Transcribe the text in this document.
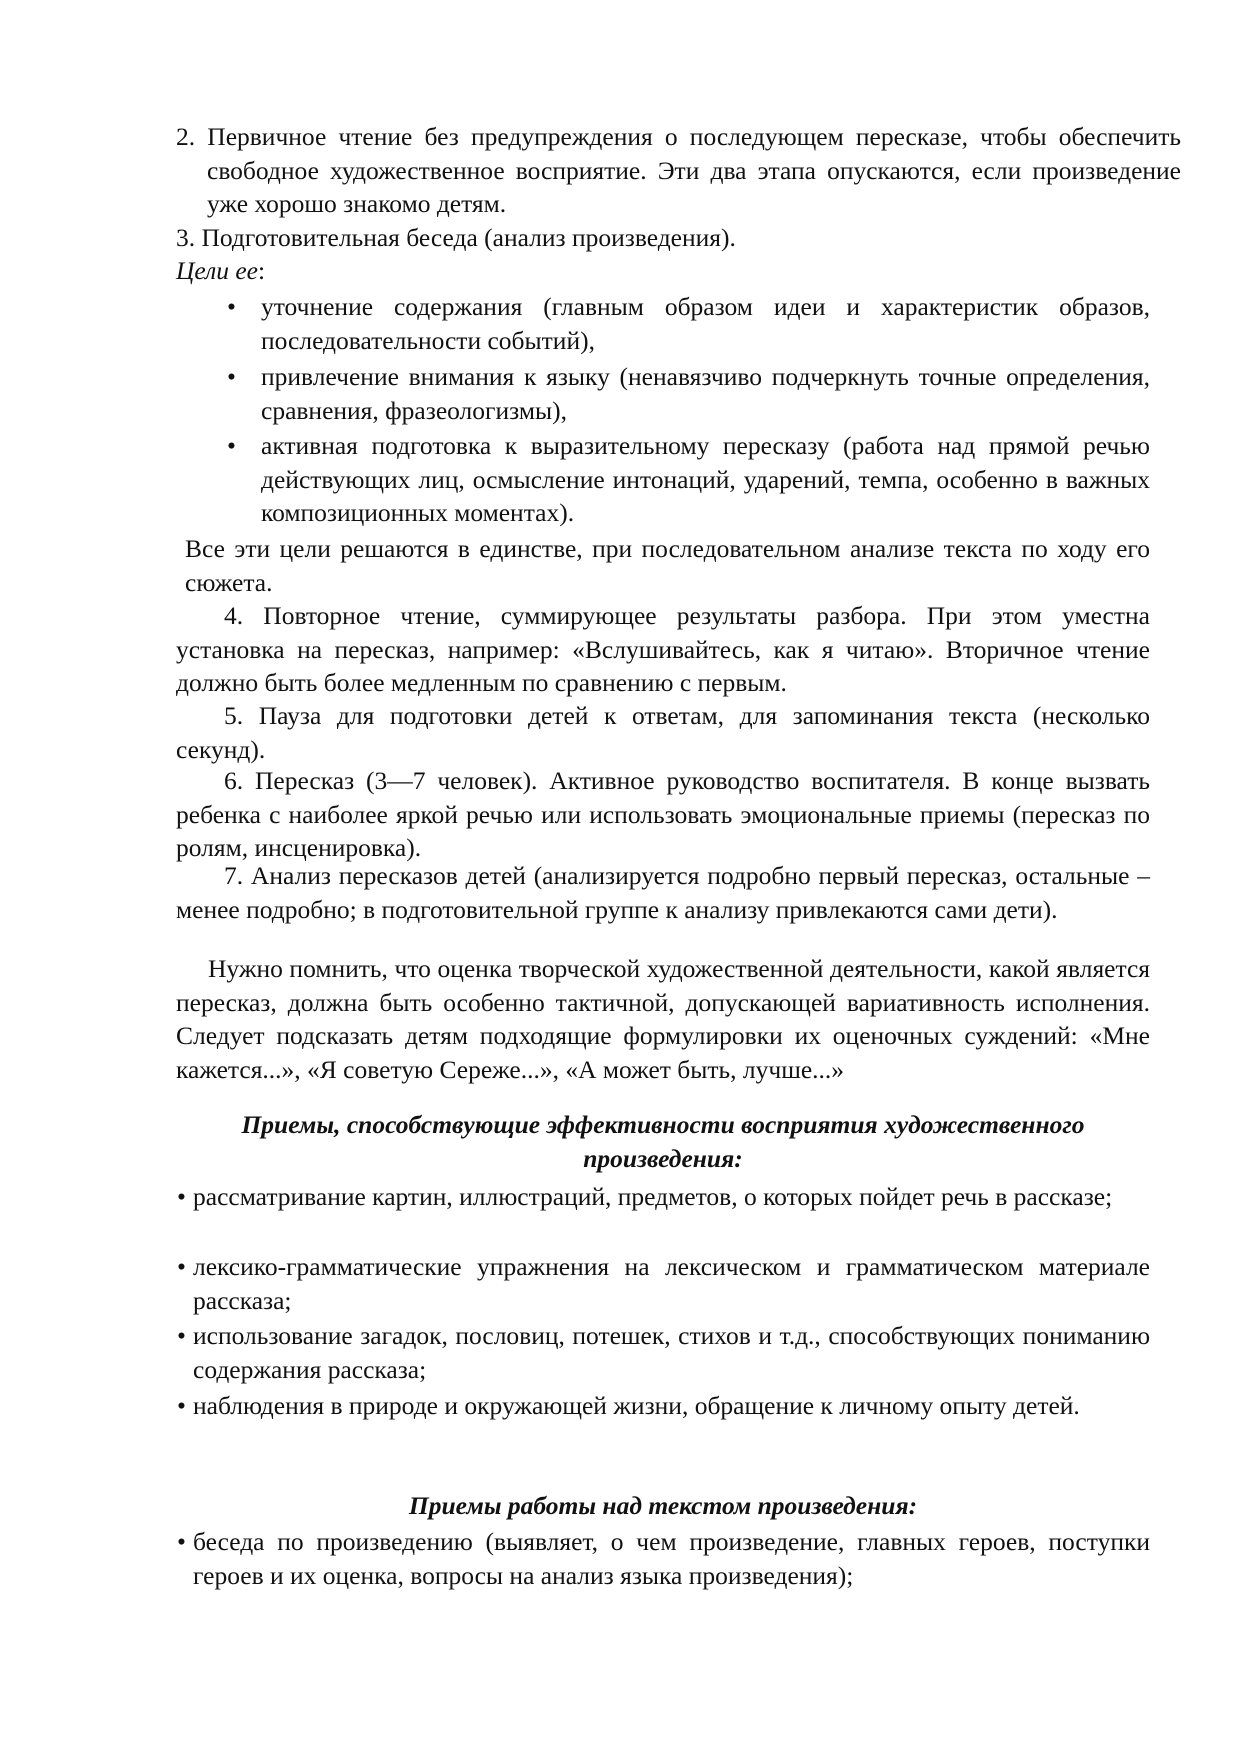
2. Первичное чтение без предупреждения о последующем пересказе, чтобы обеспечить свободное художественное восприятие. Эти два этапа опускаются, если произведение уже хорошо знакомо детям.

3. Подготовительная беседа (анализ произведения).

Цели ее:

• уточнение содержания (главным образом идеи и характеристик образов, последовательности событий),
• привлечение внимания к языку (ненавязчиво подчеркнуть точные определения, сравнения, фразеологизмы),
• активная подготовка к выразительному пересказу (работа над прямой речью действующих лиц, осмысление интонаций, ударений, темпа, особенно в важных композиционных моментах).

Все эти цели решаются в единстве, при последовательном анализе текста по ходу его сюжета.

4. Повторное чтение, суммирующее результаты разбора. При этом уместна установка на пересказ, например: «Вслушивайтесь, как я читаю». Вторичное чтение должно быть более медленным по сравнению с первым.

5. Пауза для подготовки детей к ответам, для запоминания текста (несколько секунд).

6. Пересказ (3—7 человек). Активное руководство воспитателя. В конце вызвать ребенка с наиболее яркой речью или использовать эмоциональные приемы (пересказ по ролям, инсценировка).

7. Анализ пересказов детей (анализируется подробно первый пересказ, остальные – менее подробно; в подготовительной группе к анализу привлекаются сами дети).

Нужно помнить, что оценка творческой художественной деятельности, какой является пересказ, должна быть особенно тактичной, допускающей вариативность исполнения. Следует подсказать детям подходящие формулировки их оценочных суждений: «Мне кажется...», «Я советую Сереже...», «А может быть, лучше...»

Приемы, способствующие эффективности восприятия художественного произведения:
• рассматривание картин, иллюстраций, предметов, о которых пойдет речь в рассказе;
• лексико-грамматические упражнения на лексическом и грамматическом материале рассказа;
• использование загадок, пословиц, потешек, стихов и т.д., способствующих пониманию содержания рассказа;
• наблюдения в природе и окружающей жизни, обращение к личному опыту детей.
Приемы работы над текстом произведения:
• беседа по произведению (выявляет, о чем произведение, главных героев, поступки героев и их оценка, вопросы на анализ языка произведения);
